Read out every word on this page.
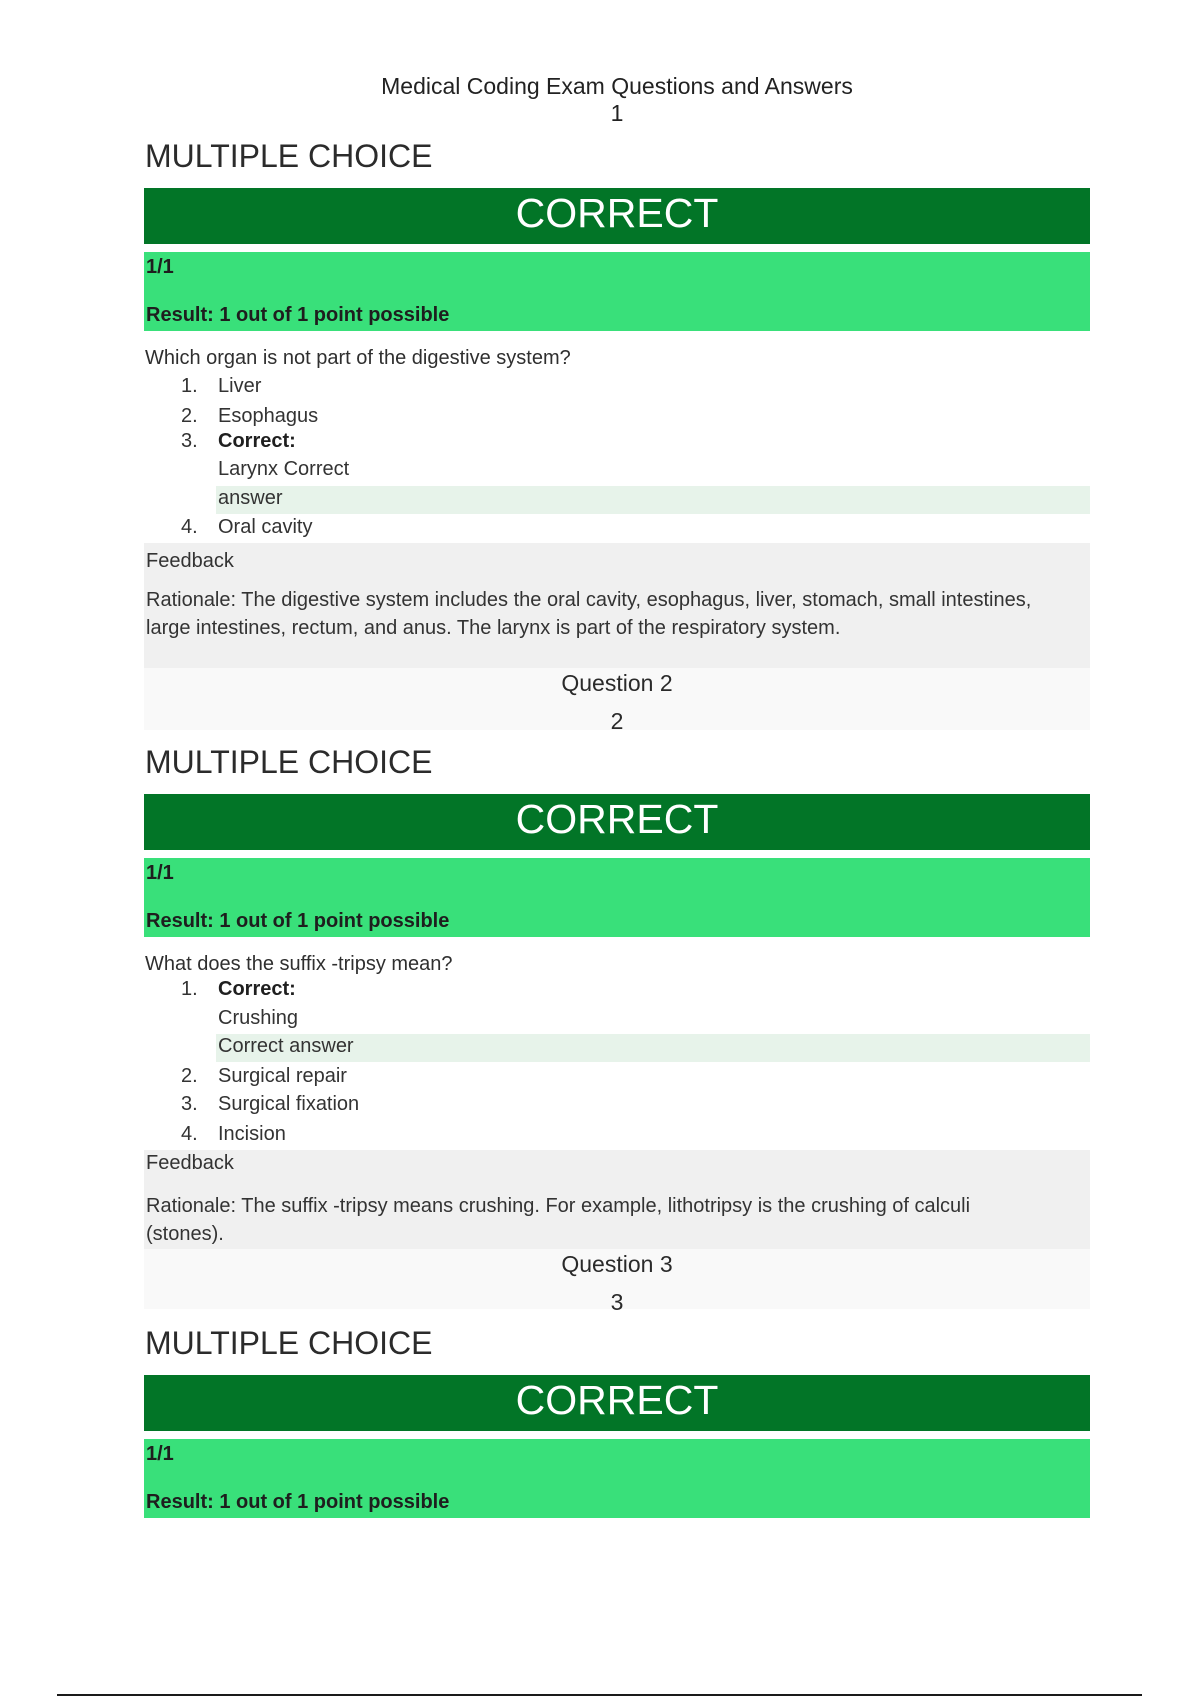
Medical Coding Exam Questions and Answers
1
MULTIPLE CHOICE
CORRECT
1/1
Result: 1 out of 1 point possible
Which organ is not part of the digestive system?
1.	Liver
2.	Esophagus
3.	Correct:
Larynx Correct
answer
4.	Oral cavity
Feedback
Rationale: The digestive system includes the oral cavity, esophagus, liver, stomach, small intestines, large intestines, rectum, and anus. The larynx is part of the respiratory system.
Question 2
2
MULTIPLE CHOICE
CORRECT
1/1
Result: 1 out of 1 point possible
What does the suffix -tripsy mean?
1.	Correct:
Crushing
Correct answer
2.	Surgical repair
3.	Surgical fixation
4.	Incision
Feedback
Rationale: The suffix -tripsy means crushing. For example, lithotripsy is the crushing of calculi (stones).
Question 3
3
MULTIPLE CHOICE
CORRECT
1/1
Result: 1 out of 1 point possible
